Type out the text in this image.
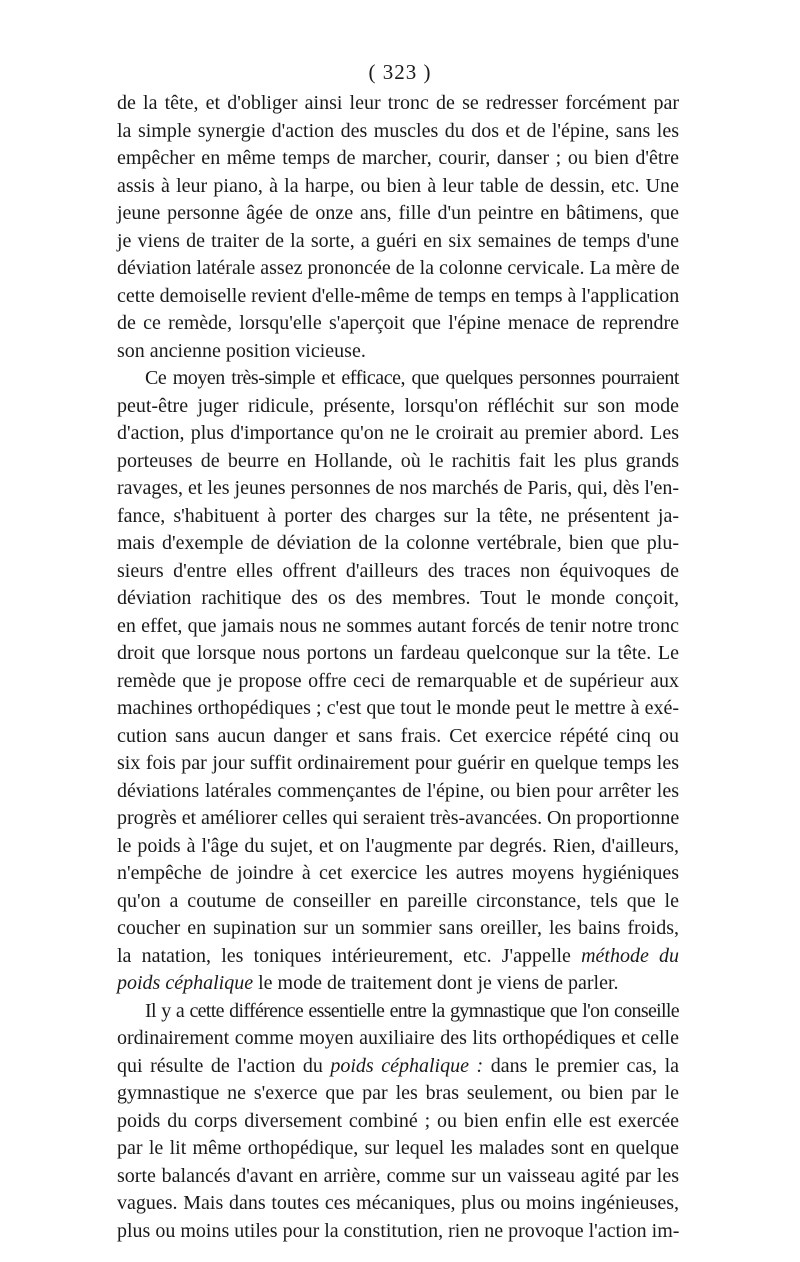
( 323 )
de la tête, et d'obliger ainsi leur tronc de se redresser forcément par
la simple synergie d'action des muscles du dos et de l'épine, sans les
empêcher en même temps de marcher, courir, danser ; ou bien d'être
assis à leur piano, à la harpe, ou bien à leur table de dessin, etc. Une
jeune personne âgée de onze ans, fille d'un peintre en bâtimens, que
je viens de traiter de la sorte, a guéri en six semaines de temps d'une
déviation latérale assez prononcée de la colonne cervicale. La mère de
cette demoiselle revient d'elle-même de temps en temps à l'application
de ce remède, lorsqu'elle s'aperçoit que l'épine menace de reprendre
son ancienne position vicieuse.
Ce moyen très-simple et efficace, que quelques personnes pourraient
peut-être juger ridicule, présente, lorsqu'on réfléchit sur son mode
d'action, plus d'importance qu'on ne le croirait au premier abord. Les
porteuses de beurre en Hollande, où le rachitis fait les plus grands
ravages, et les jeunes personnes de nos marchés de Paris, qui, dès l'en-
fance, s'habituent à porter des charges sur la tête, ne présentent ja-
mais d'exemple de déviation de la colonne vertébrale, bien que plu-
sieurs d'entre elles offrent d'ailleurs des traces non équivoques de
déviation rachitique des os des membres. Tout le monde conçoit,
en effet, que jamais nous ne sommes autant forcés de tenir notre tronc
droit que lorsque nous portons un fardeau quelconque sur la tête. Le
remède que je propose offre ceci de remarquable et de supérieur aux
machines orthopédiques ; c'est que tout le monde peut le mettre à exé-
cution sans aucun danger et sans frais. Cet exercice répété cinq ou
six fois par jour suffit ordinairement pour guérir en quelque temps les
déviations latérales commençantes de l'épine, ou bien pour arrêter les
progrès et améliorer celles qui seraient très-avancées. On proportionne
le poids à l'âge du sujet, et on l'augmente par degrés. Rien, d'ailleurs,
n'empêche de joindre à cet exercice les autres moyens hygiéniques
qu'on a coutume de conseiller en pareille circonstance, tels que le
coucher en supination sur un sommier sans oreiller, les bains froids,
la natation, les toniques intérieurement, etc. J'appelle méthode du
poids céphalique le mode de traitement dont je viens de parler.
Il y a cette différence essentielle entre la gymnastique que l'on conseille
ordinairement comme moyen auxiliaire des lits orthopédiques et celle
qui résulte de l'action du poids céphalique : dans le premier cas, la
gymnastique ne s'exerce que par les bras seulement, ou bien par le
poids du corps diversement combiné ; ou bien enfin elle est exercée
par le lit même orthopédique, sur lequel les malades sont en quelque
sorte balancés d'avant en arrière, comme sur un vaisseau agité par les
vagues. Mais dans toutes ces mécaniques, plus ou moins ingénieuses,
plus ou moins utiles pour la constitution, rien ne provoque l'action im-
